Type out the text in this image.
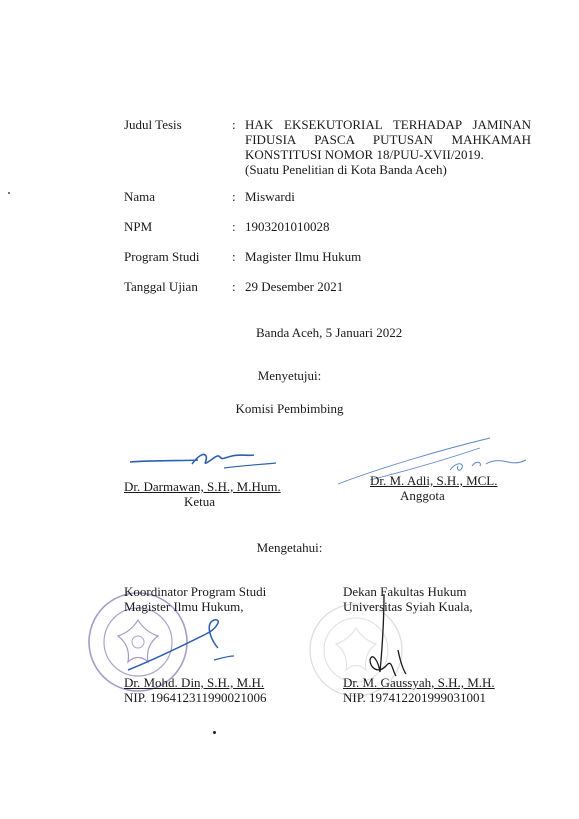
Judul Tesis	: HAK EKSEKUTORIAL TERHADAP JAMINAN
FIDUSIA PASCA PUTUSAN MAHKAMAH
KONSTITUSI NOMOR 18/PUU-XVII/2019.
(Suatu Penelitian di Kota Banda Aceh)
Nama	: Miswardi
NPM	: 1903201010028
Program Studi	: Magister Ilmu Hukum
Tanggal Ujian	: 29 Desember 2021
Banda Aceh, 5 Januari 2022
Menyetujui:
Komisi Pembimbing
Dr. Darmawan, S.H., M.Hum.
Ketua
Dr. M. Adli, S.H., MCL.
Anggota
Mengetahui:
Koordinator Program Studi
Magister Ilmu Hukum,
Dr. Mohd. Din, S.H., M.H.
NIP. 196412311990021006
Dekan Fakultas Hukum
Universitas Syiah Kuala,
Dr. M. Gaussyah, S.H., M.H.
NIP. 197412201999031001
